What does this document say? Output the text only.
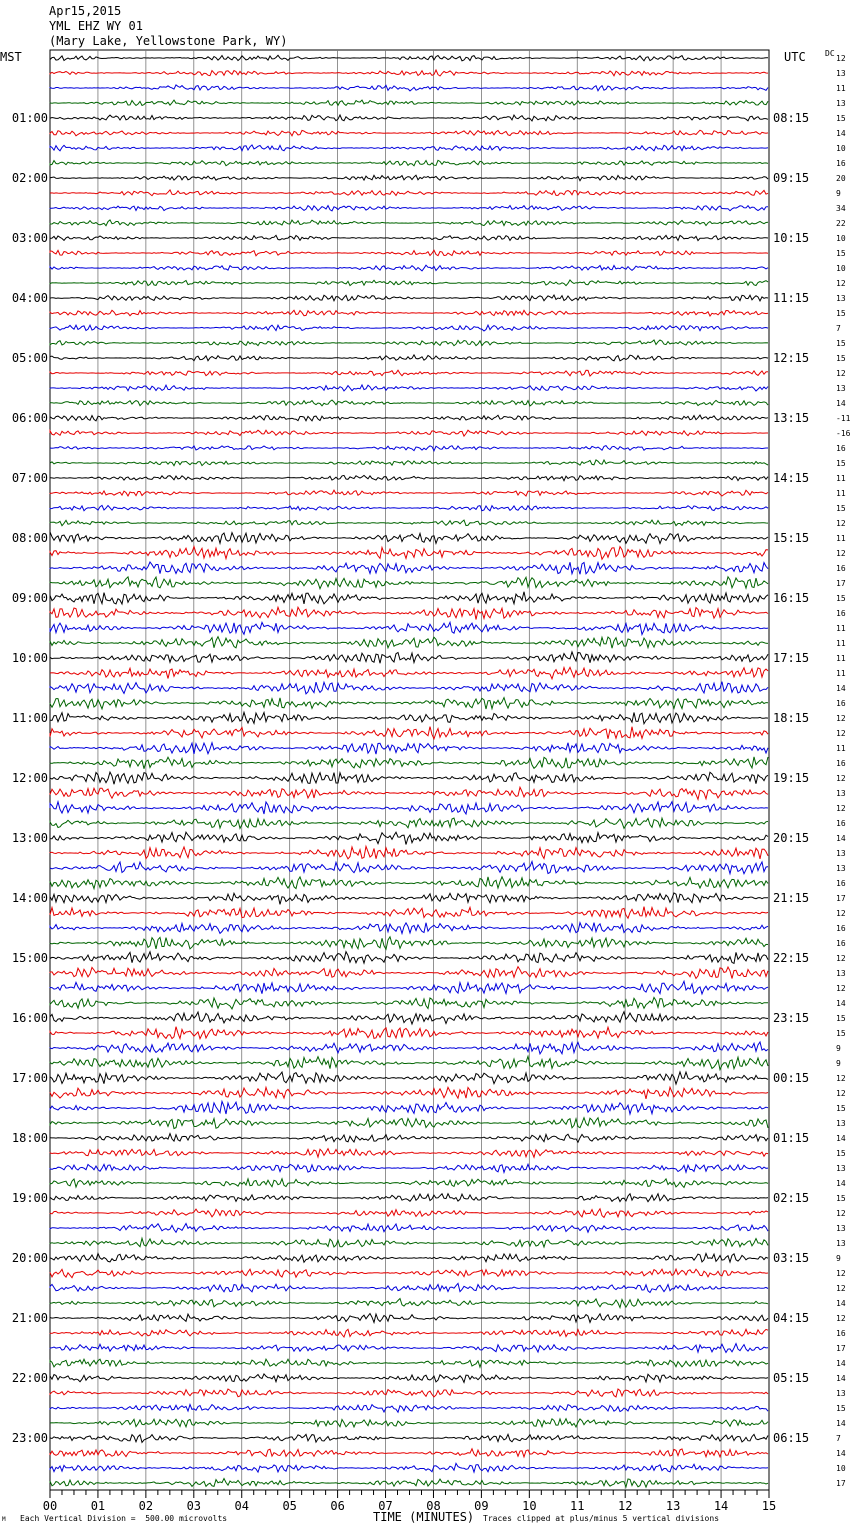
Apr15,2015
YML EHZ WY 01
(Mary Lake, Yellowstone Park, WY)
12
13
11
13
15
14
10
16
20
9
34
22
10
15
10
12
13
15
7
15
15
12
13
14
-11
-16
16
15
11
11
15
12
11
12
16
17
15
16
11
11
11
11
14
16
12
12
11
16
12
13
12
16
14
13
13
16
17
12
16
16
12
13
12
14
15
15
9
9
12
12
15
13
14
15
13
14
15
12
13
13
9
12
12
14
12
16
17
14
14
13
15
14
7
14
10
17
01:00	08:15
02:00	09:15
03:00	10:15
04:00	11:15
05:00	12:15
06:00	13:15
07:00	14:15
08:00	15:15
09:00	16:15
10:00	17:15
11:00	18:15
12:00	19:15
13:00	20:15
14:00	21:15
15:00	22:15
16:00	23:15
17:00	00:15
18:00	01:15
19:00	02:15
20:00	03:15
21:00	04:15
22:00	05:15
23:00	06:15
MST	UTC DC
00	01	02	03	04	05	06	07	08	09	10	11	12	13	14	15
M Each Vertical Division =  500.00 microvolts	TIME (MINUTES) Traces clipped at plus/minus 5 vertical divisions
